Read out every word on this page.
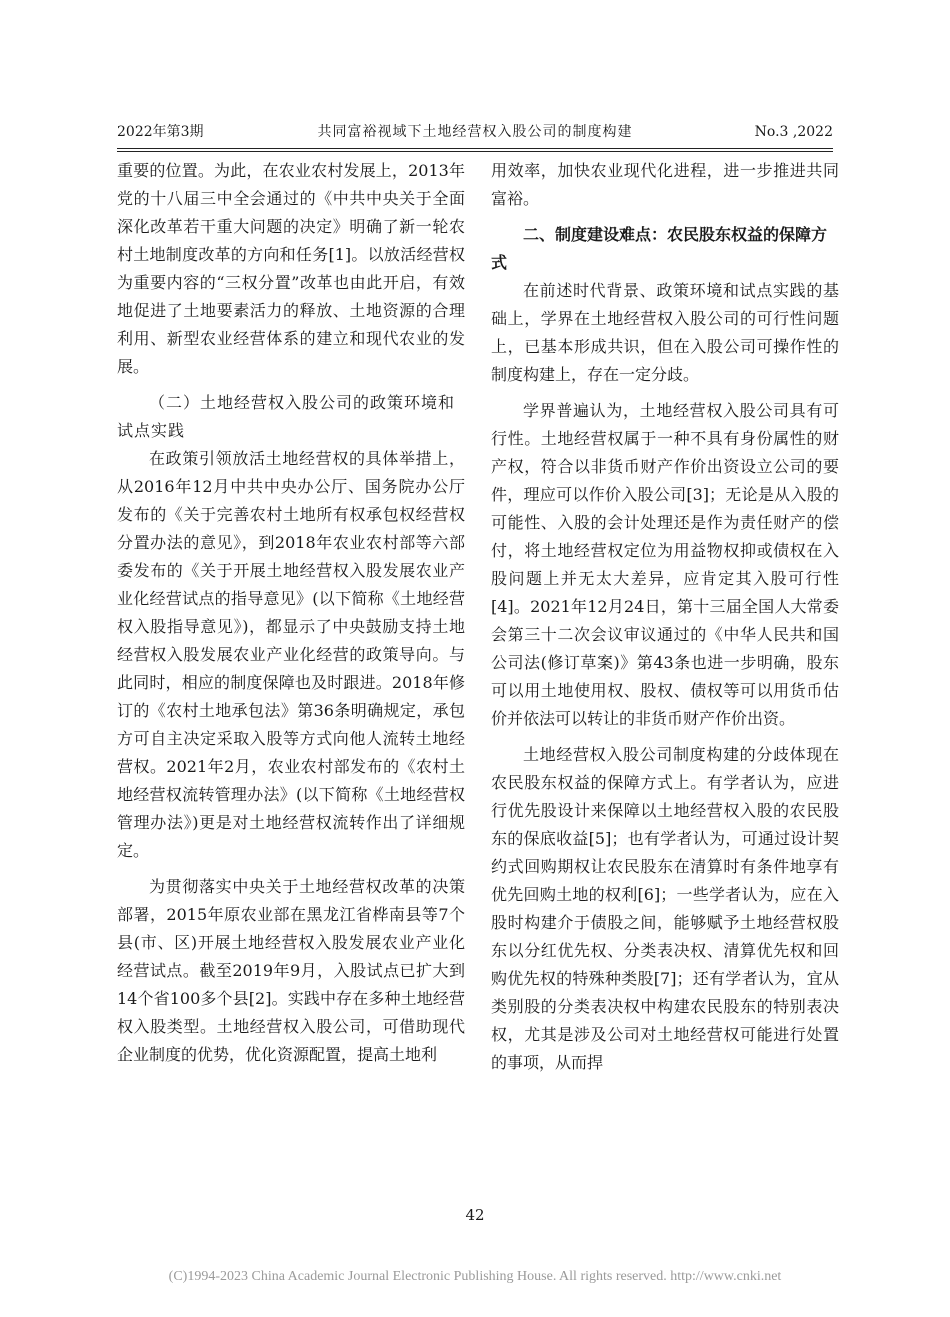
2022年第3期	共同富裕视域下土地经营权入股公司的制度构建	No.3 ,2022

重要的位置。为此，在农业农村发展上，2013年党的十八届三中全会通过的《中共中央关于全面深化改革若干重大问题的决定》明确了新一轮农村土地制度改革的方向和任务[1]。以放活经营权为重要内容的“三权分置”改革也由此开启，有效地促进了土地要素活力的释放、土地资源的合理利用、新型农业经营体系的建立和现代农业的发展。

（二）土地经营权入股公司的政策环境和试点实践

在政策引领放活土地经营权的具体举措上，从2016年12月中共中央办公厅、国务院办公厅发布的《关于完善农村土地所有权承包权经营权分置办法的意见》，到2018年农业农村部等六部委发布的《关于开展土地经营权入股发展农业产业化经营试点的指导意见》(以下简称《土地经营权入股指导意见》)，都显示了中央鼓励支持土地经营权入股发展农业产业化经营的政策导向。与此同时，相应的制度保障也及时跟进。2018年修订的《农村土地承包法》第36条明确规定，承包方可自主决定采取入股等方式向他人流转土地经营权。2021年2月，农业农村部发布的《农村土地经营权流转管理办法》(以下简称《土地经营权管理办法》)更是对土地经营权流转作出了详细规定。

为贯彻落实中央关于土地经营权改革的决策部署，2015年原农业部在黑龙江省桦南县等7个县(市、区)开展土地经营权入股发展农业产业化经营试点。截至2019年9月，入股试点已扩大到14个省100多个县[2]。实践中存在多种土地经营权入股类型。土地经营权入股公司，可借助现代企业制度的优势，优化资源配置，提高土地利

用效率，加快农业现代化进程，进一步推进共同富裕。

二、制度建设难点：农民股东权益的保障方式

在前述时代背景、政策环境和试点实践的基础上，学界在土地经营权入股公司的可行性问题上，已基本形成共识，但在入股公司可操作性的制度构建上，存在一定分歧。

学界普遍认为，土地经营权入股公司具有可行性。土地经营权属于一种不具有身份属性的财产权，符合以非货币财产作价出资设立公司的要件，理应可以作价入股公司[3]；无论是从入股的可能性、入股的会计处理还是作为责任财产的偿付，将土地经营权定位为用益物权抑或债权在入股问题上并无太大差异，应肯定其入股可行性[4]。2021年12月24日，第十三届全国人大常委会第三十二次会议审议通过的《中华人民共和国公司法(修订草案)》第43条也进一步明确，股东可以用土地使用权、股权、债权等可以用货币估价并依法可以转让的非货币财产作价出资。

土地经营权入股公司制度构建的分歧体现在农民股东权益的保障方式上。有学者认为，应进行优先股设计来保障以土地经营权入股的农民股东的保底收益[5]；也有学者认为，可通过设计契约式回购期权让农民股东在清算时有条件地享有优先回购土地的权利[6]；一些学者认为，应在入股时构建介于债股之间，能够赋予土地经营权股东以分红优先权、分类表决权、清算优先权和回购优先权的特殊种类股[7]；还有学者认为，宜从类别股的分类表决权中构建农民股东的特别表决权，尤其是涉及公司对土地经营权可能进行处置的事项，从而捍

42
(C)1994-2023 China Academic Journal Electronic Publishing House. All rights reserved. http://www.cnki.net
